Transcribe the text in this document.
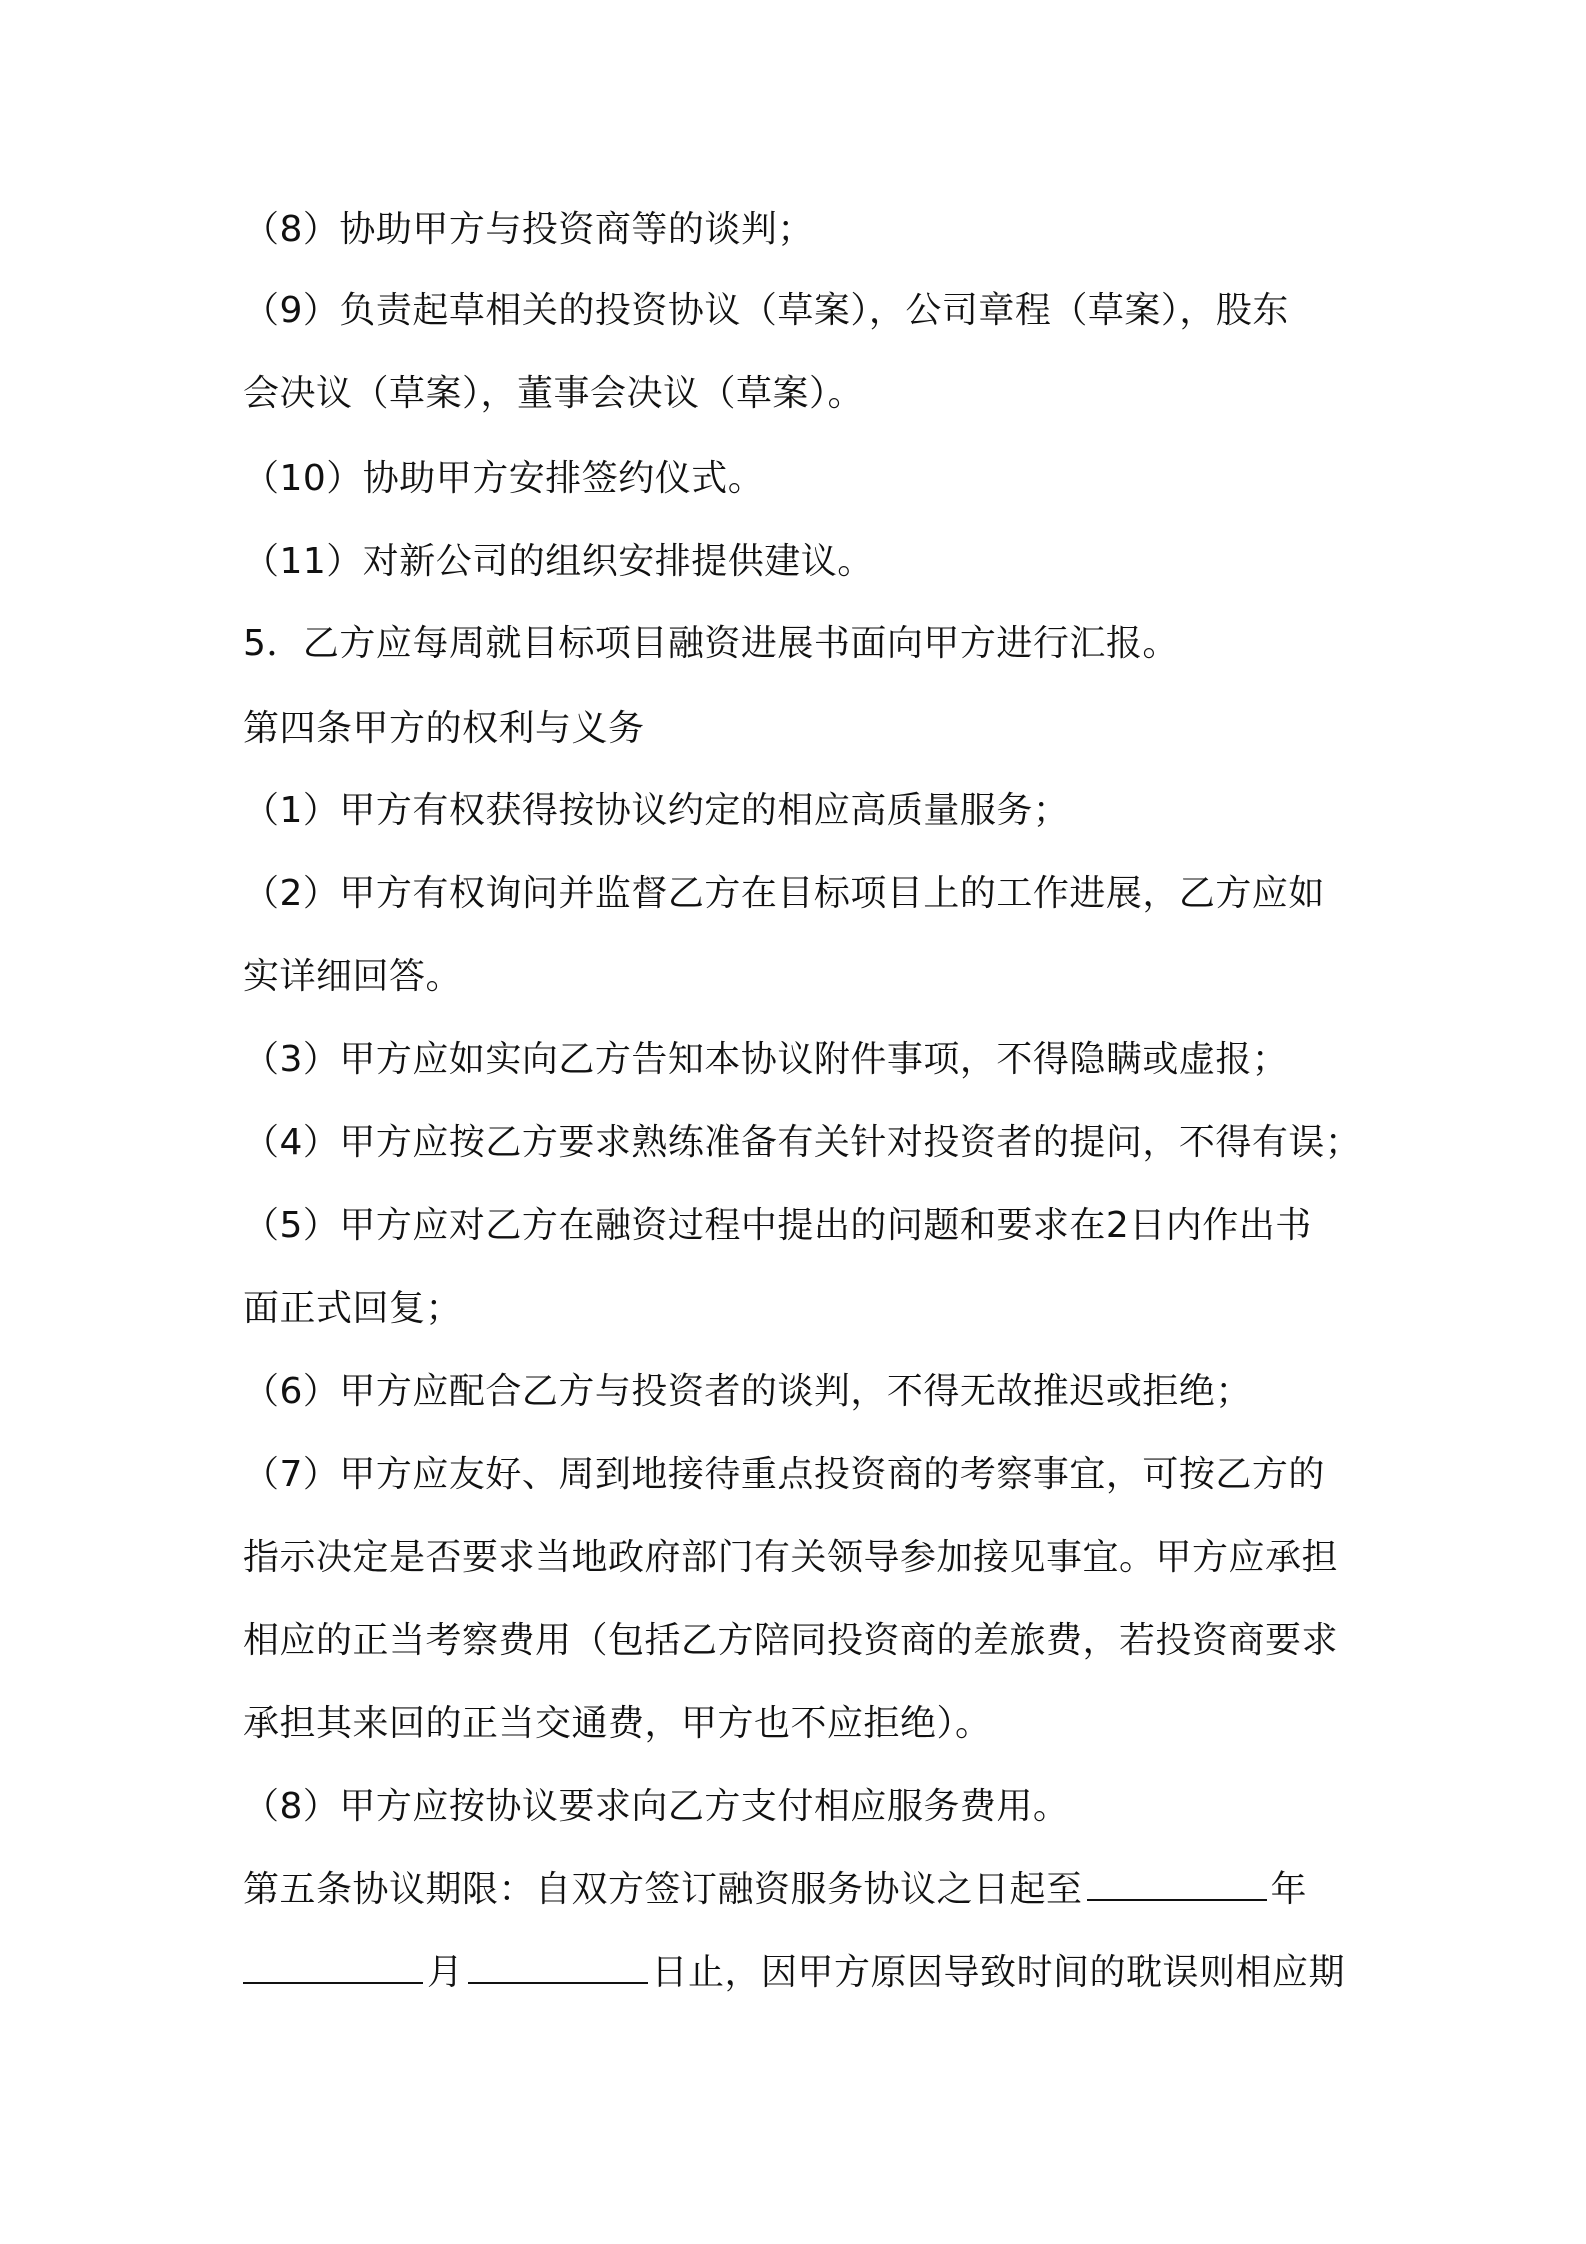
（8）协助甲方与投资商等的谈判；
（9）负责起草相关的投资协议（草案），公司章程（草案），股东
会决议（草案），董事会决议（草案）。
（10）协助甲方安排签约仪式。
（11）对新公司的组织安排提供建议。
5．乙方应每周就目标项目融资进展书面向甲方进行汇报。
第四条甲方的权利与义务
（1）甲方有权获得按协议约定的相应高质量服务；
（2）甲方有权询问并监督乙方在目标项目上的工作进展，乙方应如
实详细回答。
（3）甲方应如实向乙方告知本协议附件事项，不得隐瞒或虚报；
（4）甲方应按乙方要求熟练准备有关针对投资者的提问，不得有误；
（5）甲方应对乙方在融资过程中提出的问题和要求在2日内作出书
面正式回复；
（6）甲方应配合乙方与投资者的谈判，不得无故推迟或拒绝；
（7）甲方应友好、周到地接待重点投资商的考察事宜，可按乙方的
指示决定是否要求当地政府部门有关领导参加接见事宜。甲方应承担
相应的正当考察费用（包括乙方陪同投资商的差旅费，若投资商要求
承担其来回的正当交通费，甲方也不应拒绝）。
（8）甲方应按协议要求向乙方支付相应服务费用。
第五条协议期限：自双方签订融资服务协议之日起至	年
月	日止，因甲方原因导致时间的耽误则相应期
